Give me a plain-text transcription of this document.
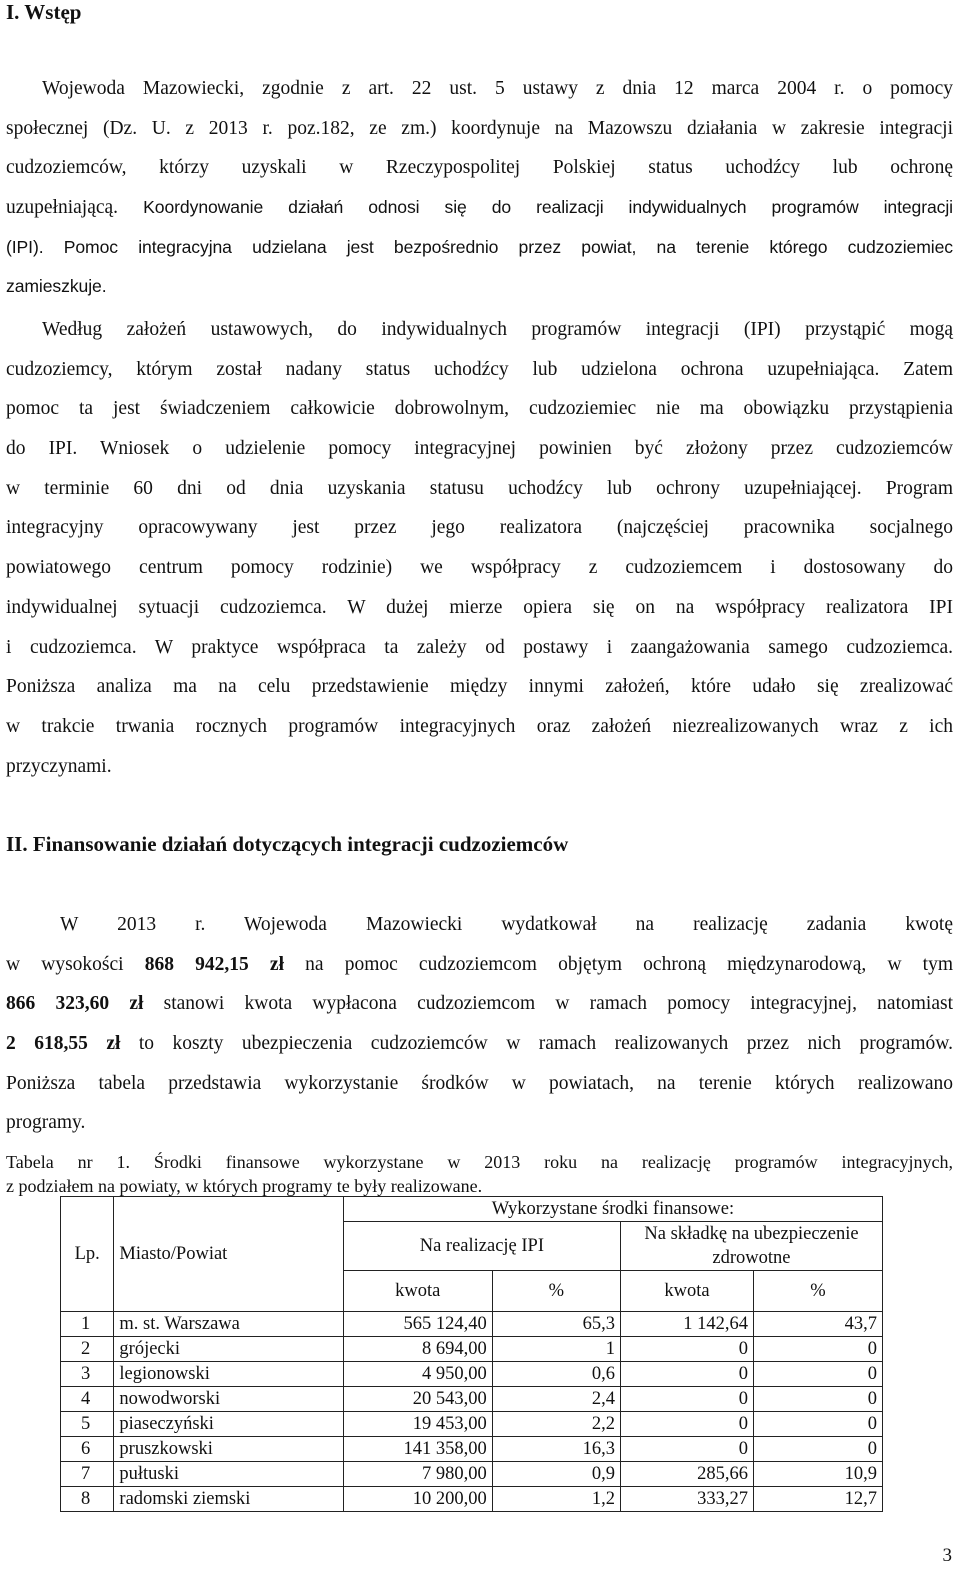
I. Wstęp
Wojewoda Mazowiecki, zgodnie z art. 22 ust. 5 ustawy z dnia 12 marca 2004 r. o pomocy
społecznej (Dz. U. z 2013 r. poz.182, ze zm.) koordynuje na Mazowszu działania w zakresie integracji
cudzoziemców, którzy uzyskali w Rzeczypospolitej Polskiej status uchodźcy lub ochronę
uzupełniającą. Koordynowanie działań odnosi się do realizacji indywidualnych programów integracji
(IPI). Pomoc integracyjna udzielana jest bezpośrednio przez powiat, na terenie którego cudzoziemiec
zamieszkuje.
Według założeń ustawowych, do indywidualnych programów integracji (IPI) przystąpić mogą
cudzoziemcy, którym został nadany status uchodźcy lub udzielona ochrona uzupełniająca. Zatem
pomoc ta jest świadczeniem całkowicie dobrowolnym, cudzoziemiec nie ma obowiązku przystąpienia
do IPI. Wniosek o udzielenie pomocy integracyjnej powinien być złożony przez cudzoziemców
w terminie 60 dni od dnia uzyskania statusu uchodźcy lub ochrony uzupełniającej. Program
integracyjny opracowywany jest przez jego realizatora (najczęściej pracownika socjalnego
powiatowego centrum pomocy rodzinie) we współpracy z cudzoziemcem i dostosowany do
indywidualnej sytuacji cudzoziemca. W dużej mierze opiera się on na współpracy realizatora IPI
i cudzoziemca. W praktyce współpraca ta zależy od postawy i zaangażowania samego cudzoziemca.
Poniższa analiza ma na celu przedstawienie między innymi założeń, które udało się zrealizować
w trakcie trwania rocznych programów integracyjnych oraz założeń niezrealizowanych wraz z ich
przyczynami.
II. Finansowanie działań dotyczących integracji cudzoziemców
W 2013 r. Wojewoda Mazowiecki wydatkował na realizację zadania kwotę
w wysokości 868 942,15 zł na pomoc cudzoziemcom objętym ochroną międzynarodową, w tym
866 323,60 zł stanowi kwota wypłacona cudzoziemcom w ramach pomocy integracyjnej, natomiast
2 618,55 zł to koszty ubezpieczenia cudzoziemców w ramach realizowanych przez nich programów.
Poniższa tabela przedstawia wykorzystanie środków w powiatach, na terenie których realizowano
programy.
Tabela nr 1. Środki finansowe wykorzystane w 2013 roku na realizację programów integracyjnych,
z podziałem na powiaty, w których programy te były realizowane.
Lp.	Miasto/Powiat	Wykorzystane środki finansowe:			
		Na realizację IPI		Na składkę na ubezpieczenie zdrowotne	
		kwota	%	kwota	%
1	m. st. Warszawa	565 124,40	65,3	1 142,64	43,7
2	grójecki	8 694,00	1	0	0
3	legionowski	4 950,00	0,6	0	0
4	nowodworski	20 543,00	2,4	0	0
5	piaseczyński	19 453,00	2,2	0	0
6	pruszkowski	141 358,00	16,3	0	0
7	pułtuski	7 980,00	0,9	285,66	10,9
8	radomski ziemski	10 200,00	1,2	333,27	12,7
3
